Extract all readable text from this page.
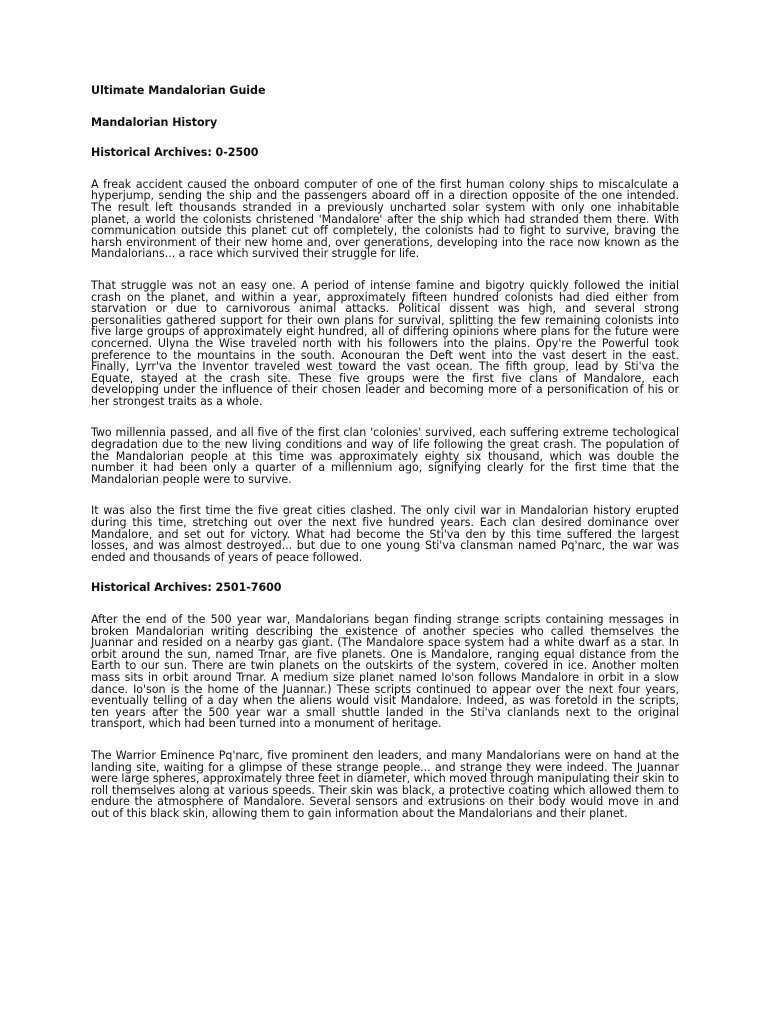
Ultimate Mandalorian Guide

Mandalorian History

Historical Archives: 0-2500

A freak accident caused the onboard computer of one of the first human colony ships to miscalculate a hyperjump, sending the ship and the passengers aboard off in a direction opposite of the one intended. The result left thousands stranded in a previously uncharted solar system with only one inhabitable planet, a world the colonists christened 'Mandalore' after the ship which had stranded them there. With communication outside this planet cut off completely, the colonists had to fight to survive, braving the harsh environment of their new home and, over generations, developing into the race now known as the Mandalorians... a race which survived their struggle for life.

That struggle was not an easy one. A period of intense famine and bigotry quickly followed the initial crash on the planet, and within a year, approximately fifteen hundred colonists had died either from starvation or due to carnivorous animal attacks. Political dissent was high, and several strong personalities gathered support for their own plans for survival, splitting the few remaining colonists into five large groups of approximately eight hundred, all of differing opinions where plans for the future were concerned. Ulyna the Wise traveled north with his followers into the plains. Opy're the Powerful took preference to the mountains in the south. Aconouran the Deft went into the vast desert in the east. Finally, Lyrr'va the Inventor traveled west toward the vast ocean. The fifth group, lead by Sti'va the Equate, stayed at the crash site. These five groups were the first five clans of Mandalore, each developping under the influence of their chosen leader and becoming more of a personification of his or her strongest traits as a whole.

Two millennia passed, and all five of the first clan 'colonies' survived, each suffering extreme techological degradation due to the new living conditions and way of life following the great crash. The population of the Mandalorian people at this time was approximately eighty six thousand, which was double the number it had been only a quarter of a millennium ago, signifying clearly for the first time that the Mandalorian people were to survive.

It was also the first time the five great cities clashed. The only civil war in Mandalorian history erupted during this time, stretching out over the next five hundred years. Each clan desired dominance over Mandalore, and set out for victory. What had become the Sti'va den by this time suffered the largest losses, and was almost destroyed... but due to one young Sti'va clansman named Pq'narc, the war was ended and thousands of years of peace followed.

Historical Archives: 2501-7600

After the end of the 500 year war, Mandalorians began finding strange scripts containing messages in broken Mandalorian writing describing the existence of another species who called themselves the Juannar and resided on a nearby gas giant. (The Mandalore space system had a white dwarf as a star. In orbit around the sun, named Trnar, are five planets. One is Mandalore, ranging equal distance from the Earth to our sun. There are twin planets on the outskirts of the system, covered in ice. Another molten mass sits in orbit around Trnar. A medium size planet named Io'son follows Mandalore in orbit in a slow dance. Io'son is the home of the Juannar.) These scripts continued to appear over the next four years, eventually telling of a day when the aliens would visit Mandalore. Indeed, as was foretold in the scripts, ten years after the 500 year war a small shuttle landed in the Sti'va clanlands next to the original transport, which had been turned into a monument of heritage.

The Warrior Eminence Pq'narc, five prominent den leaders, and many Mandalorians were on hand at the landing site, waiting for a glimpse of these strange people... and strange they were indeed. The Juannar were large spheres, approximately three feet in diameter, which moved through manipulating their skin to roll themselves along at various speeds. Their skin was black, a protective coating which allowed them to endure the atmosphere of Mandalore. Several sensors and extrusions on their body would move in and out of this black skin, allowing them to gain information about the Mandalorians and their planet.
